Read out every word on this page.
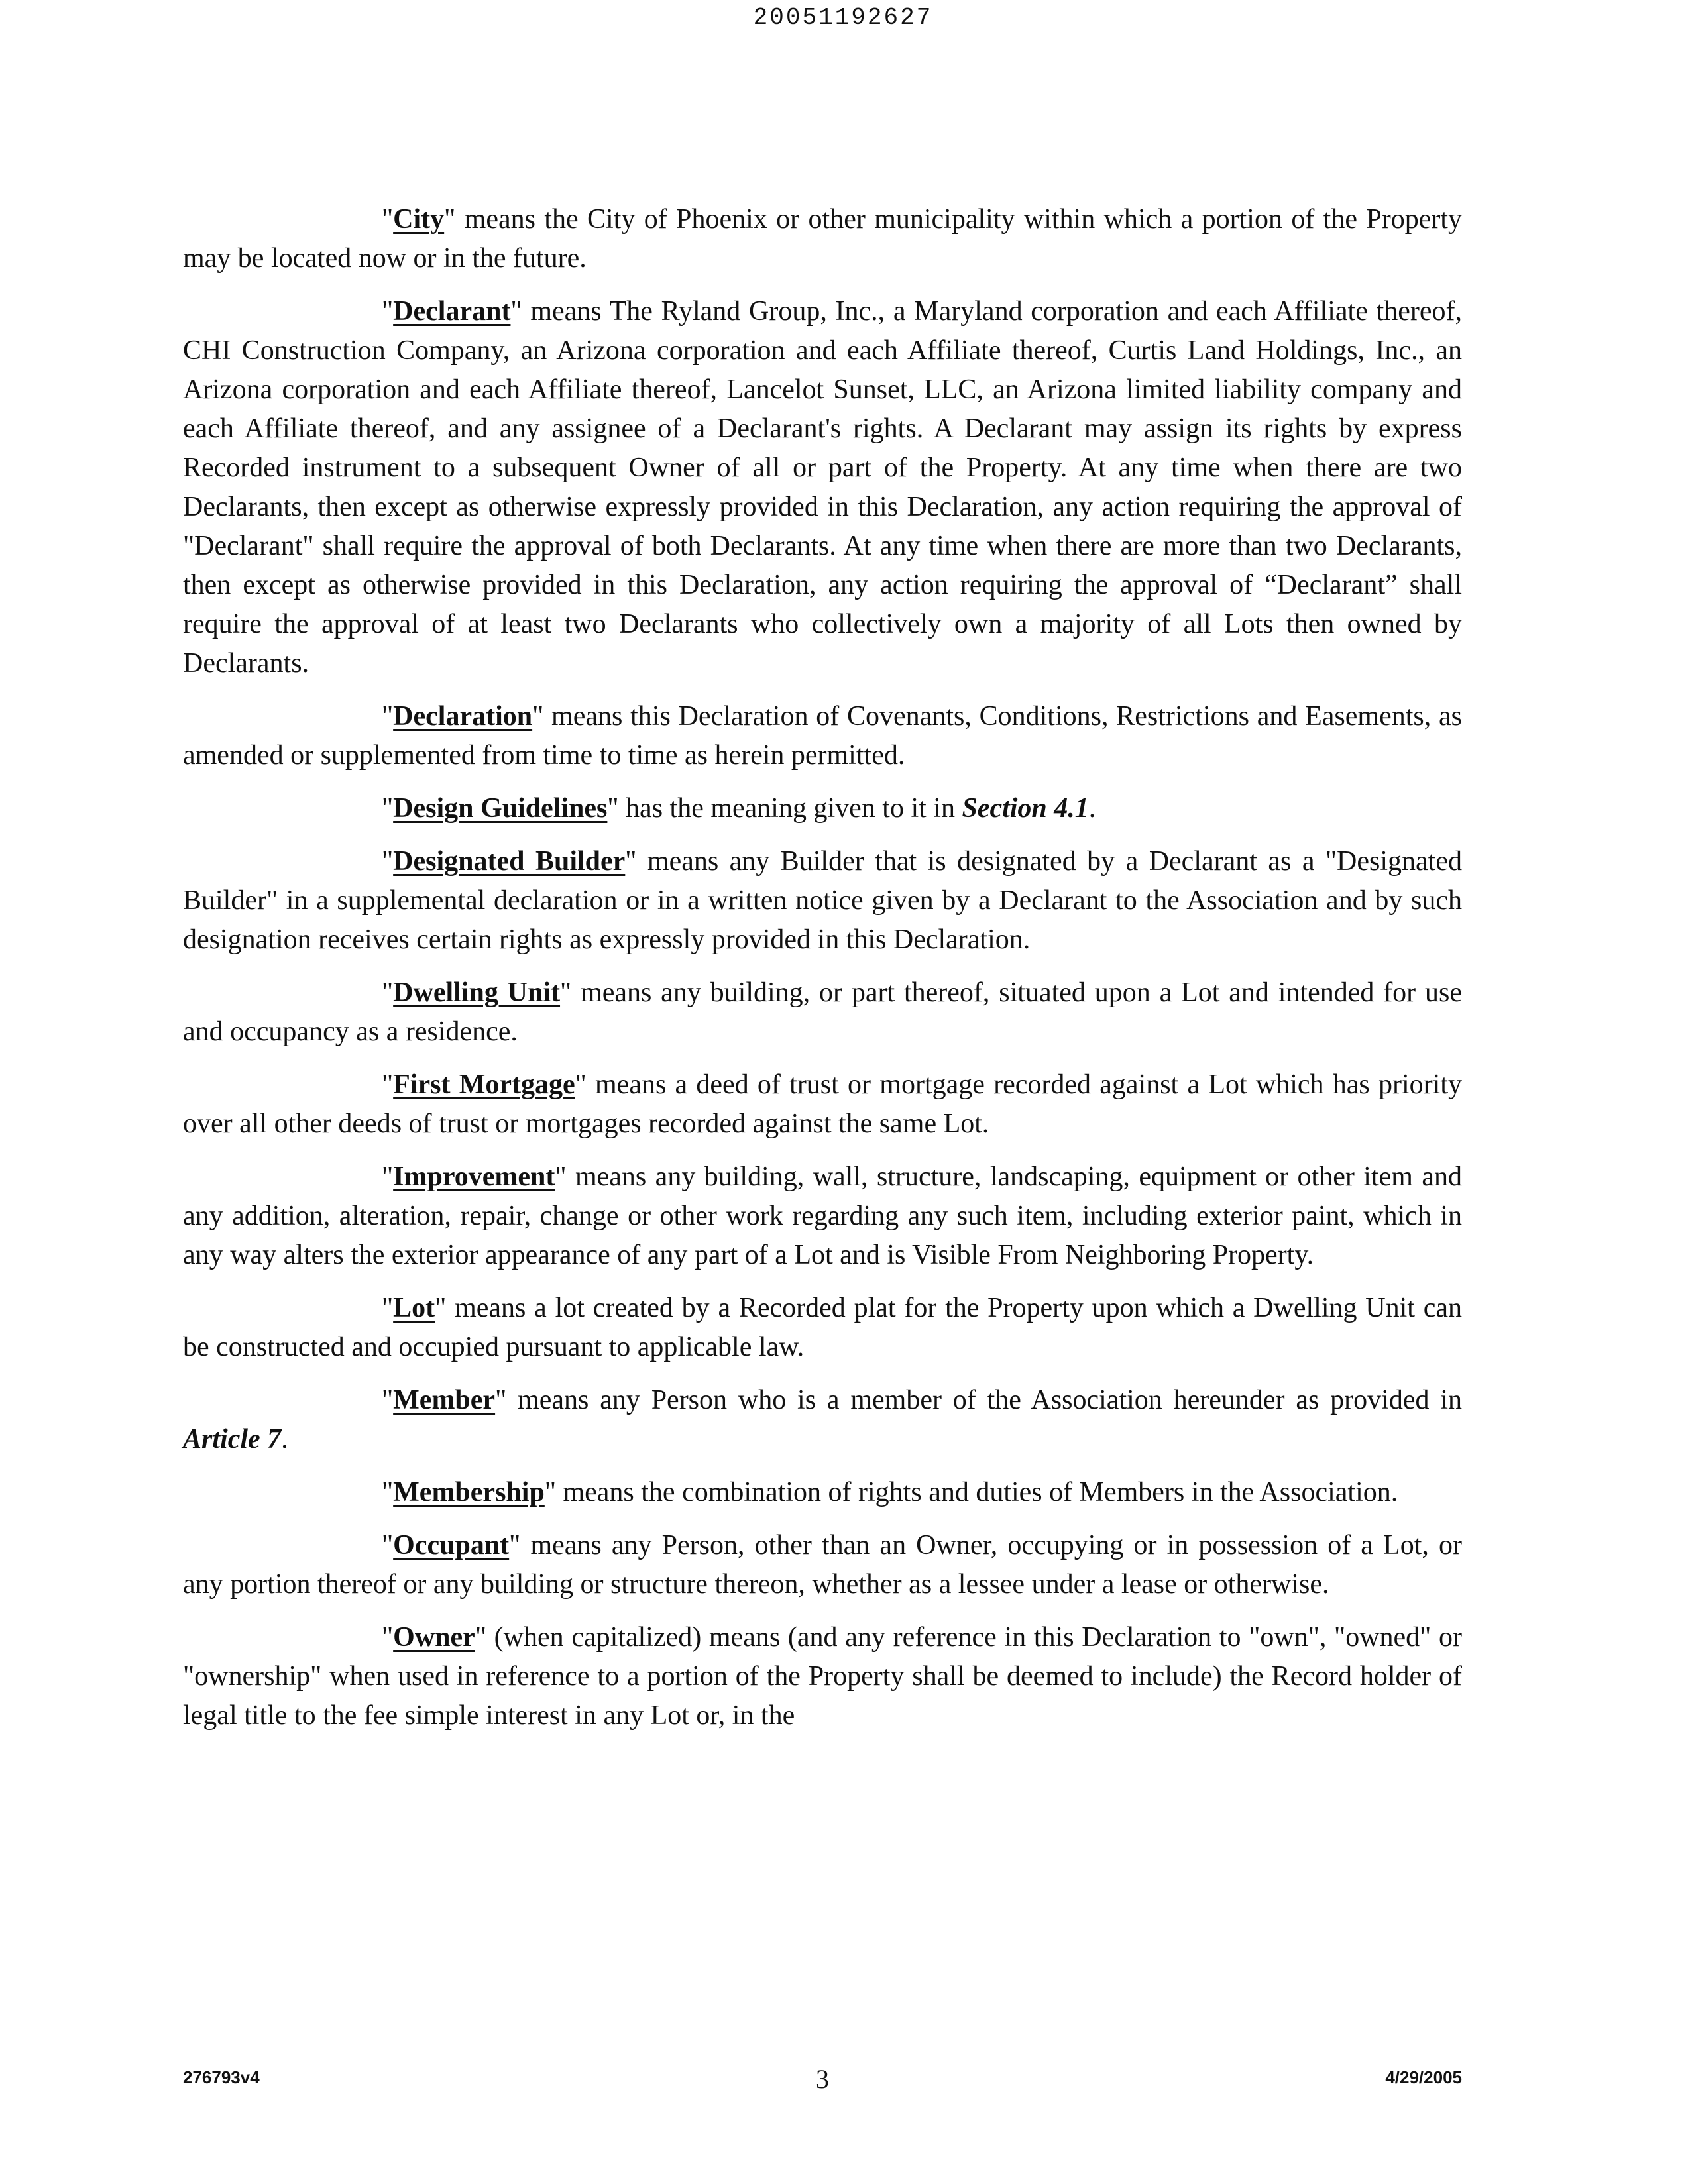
20051192627

"City" means the City of Phoenix or other municipality within which a portion of the Property may be located now or in the future.

"Declarant" means The Ryland Group, Inc., a Maryland corporation and each Affiliate thereof, CHI Construction Company, an Arizona corporation and each Affiliate thereof, Curtis Land Holdings, Inc., an Arizona corporation and each Affiliate thereof, Lancelot Sunset, LLC, an Arizona limited liability company and each Affiliate thereof, and any assignee of a Declarant's rights. A Declarant may assign its rights by express Recorded instrument to a subsequent Owner of all or part of the Property. At any time when there are two Declarants, then except as otherwise expressly provided in this Declaration, any action requiring the approval of "Declarant" shall require the approval of both Declarants. At any time when there are more than two Declarants, then except as otherwise provided in this Declaration, any action requiring the approval of “Declarant” shall require the approval of at least two Declarants who collectively own a majority of all Lots then owned by Declarants.

"Declaration" means this Declaration of Covenants, Conditions, Restrictions and Easements, as amended or supplemented from time to time as herein permitted.

"Design Guidelines" has the meaning given to it in Section 4.1.

"Designated Builder" means any Builder that is designated by a Declarant as a "Designated Builder" in a supplemental declaration or in a written notice given by a Declarant to the Association and by such designation receives certain rights as expressly provided in this Declaration.

"Dwelling Unit" means any building, or part thereof, situated upon a Lot and intended for use and occupancy as a residence.

"First Mortgage" means a deed of trust or mortgage recorded against a Lot which has priority over all other deeds of trust or mortgages recorded against the same Lot.

"Improvement" means any building, wall, structure, landscaping, equipment or other item and any addition, alteration, repair, change or other work regarding any such item, including exterior paint, which in any way alters the exterior appearance of any part of a Lot and is Visible From Neighboring Property.

"Lot" means a lot created by a Recorded plat for the Property upon which a Dwelling Unit can be constructed and occupied pursuant to applicable law.

"Member" means any Person who is a member of the Association hereunder as provided in Article 7.

"Membership" means the combination of rights and duties of Members in the Association.

"Occupant" means any Person, other than an Owner, occupying or in possession of a Lot, or any portion thereof or any building or structure thereon, whether as a lessee under a lease or otherwise.

"Owner" (when capitalized) means (and any reference in this Declaration to "own", "owned" or "ownership" when used in reference to a portion of the Property shall be deemed to include) the Record holder of legal title to the fee simple interest in any Lot or, in the

276793v4	3	4/29/2005
